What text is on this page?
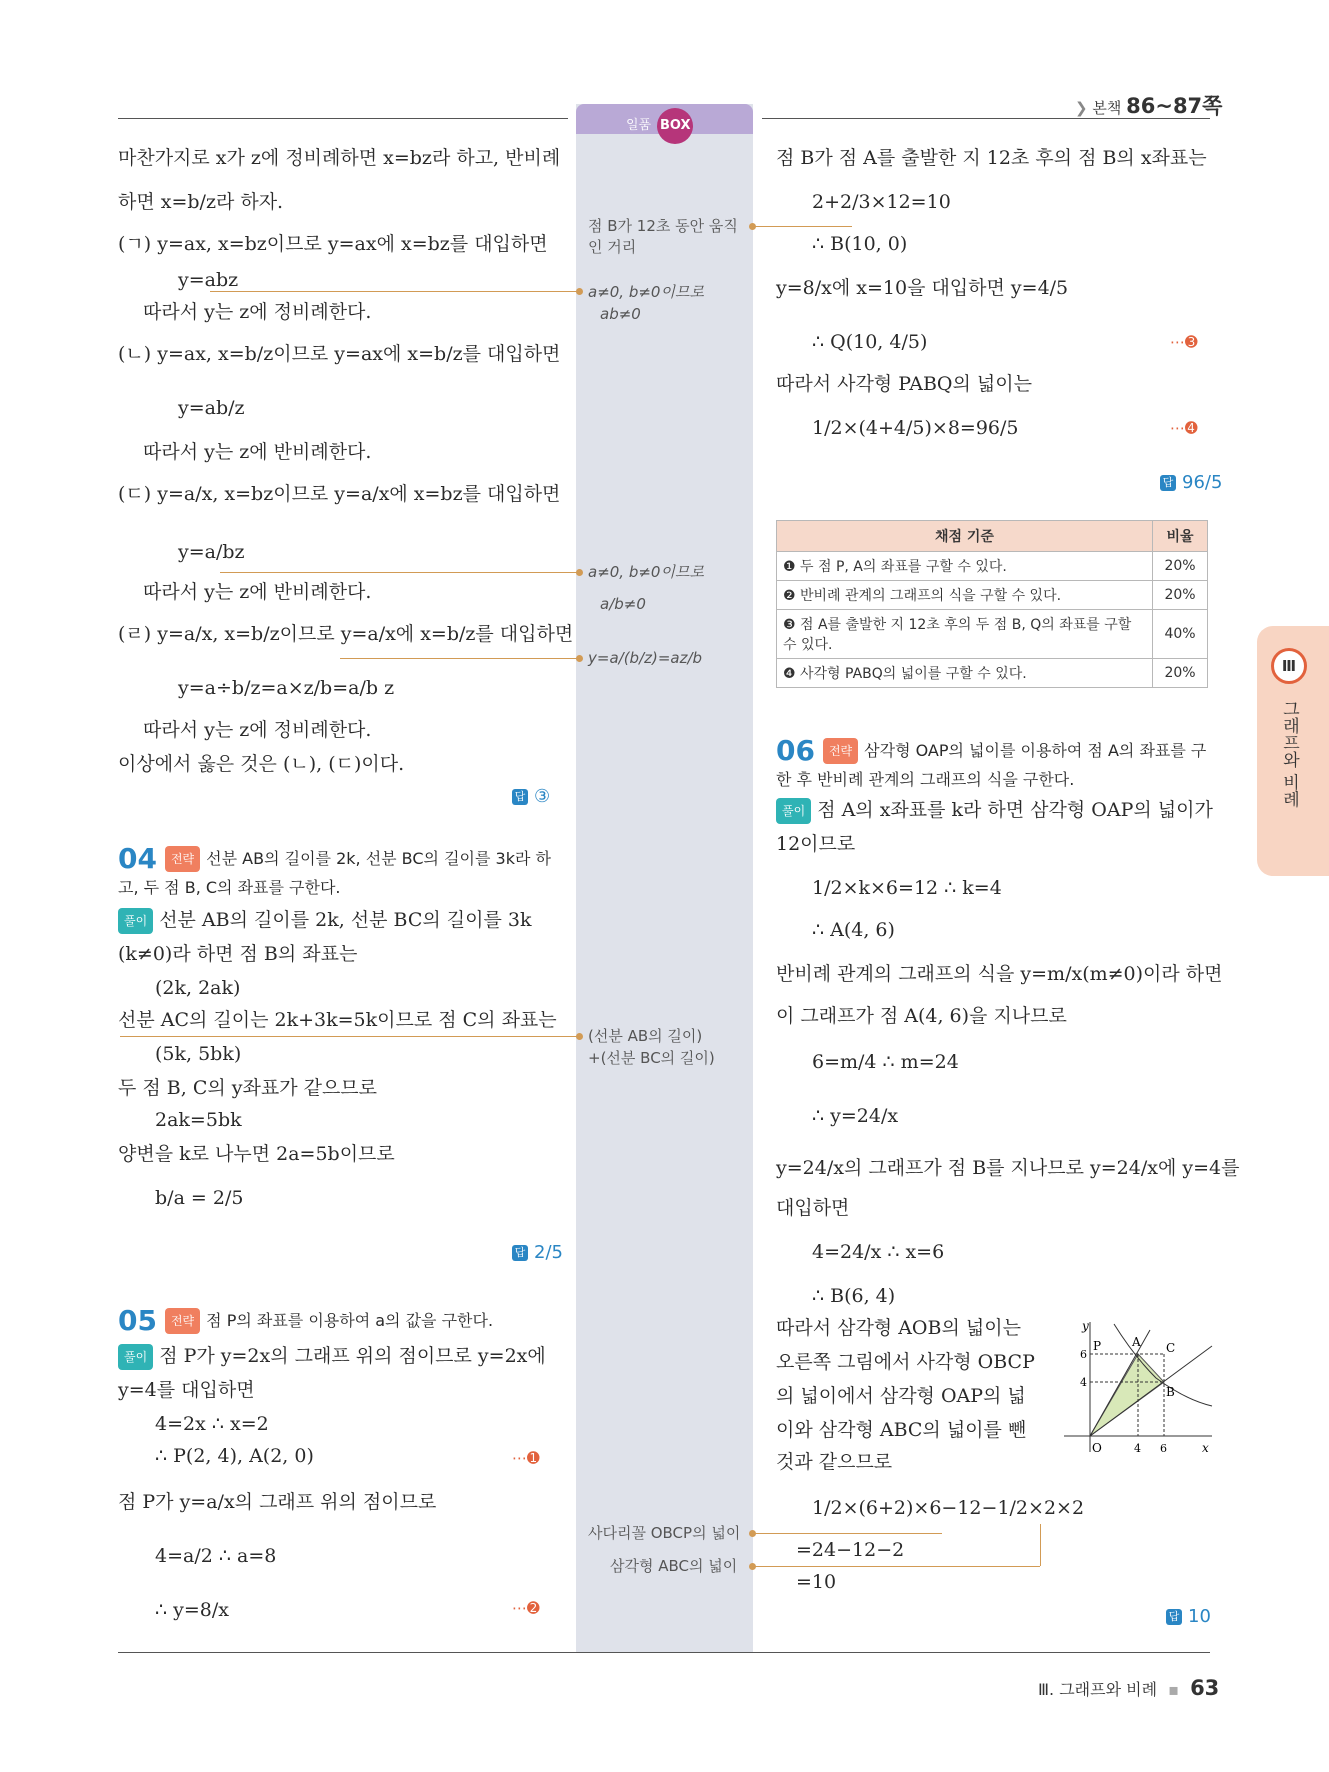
❯ 본책 86~87쪽
일품 BOX
점 B가 12초 동안 움직인 거리
a≠0, b≠0이므로
ab≠0
a≠0, b≠0이므로
a/b≠0
y=a/(b/z)=az/b
(선분 AB의 길이)
+(선분 BC의 길이)
사다리꼴 OBCP의 넓이
삼각형 ABC의 넓이
마찬가지로 x가 z에 정비례하면 x=bz라 하고, 반비례
하면 x=b/z라 하자.
(ㄱ) y=ax, x=bz이므로 y=ax에 x=bz를 대입하면
y=abz
따라서 y는 z에 정비례한다.
(ㄴ) y=ax, x=b/z이므로 y=ax에 x=b/z를 대입하면
y=ab/z
따라서 y는 z에 반비례한다.
(ㄷ) y=a/x, x=bz이므로 y=a/x에 x=bz를 대입하면
y=a/bz
따라서 y는 z에 반비례한다.
(ㄹ) y=a/x, x=b/z이므로 y=a/x에 x=b/z를 대입하면
y=a÷b/z=a×z/b=a/b z
따라서 y는 z에 정비례한다.
이상에서 옳은 것은 (ㄴ), (ㄷ)이다.
답 ③
04 전략 선분 AB의 길이를 2k, 선분 BC의 길이를 3k라 하
고, 두 점 B, C의 좌표를 구한다.
풀이 선분 AB의 길이를 2k, 선분 BC의 길이를 3k
(k≠0)라 하면 점 B의 좌표는
(2k, 2ak)
선분 AC의 길이는 2k+3k=5k이므로 점 C의 좌표는
(5k, 5bk)
두 점 B, C의 y좌표가 같으므로
2ak=5bk
양변을 k로 나누면 2a=5b이므로
b/a = 2/5
답 2/5
05 전략 점 P의 좌표를 이용하여 a의 값을 구한다.
풀이 점 P가 y=2x의 그래프 위의 점이므로 y=2x에
y=4를 대입하면
4=2x ∴ x=2
∴ P(2, 4), A(2, 0)	⋯➊
점 P가 y=a/x의 그래프 위의 점이므로
4=a/2 ∴ a=8
∴ y=8/x	⋯➋
점 B가 점 A를 출발한 지 12초 후의 점 B의 x좌표는
2+2/3×12=10
∴ B(10, 0)
y=8/x에 x=10을 대입하면 y=4/5
∴ Q(10, 4/5)	⋯➌
따라서 사각형 PABQ의 넓이는
1/2×(4+4/5)×8=96/5	⋯➍
답 96/5
채점 기준	비율
❶ 두 점 P, A의 좌표를 구할 수 있다.	20%
❷ 반비례 관계의 그래프의 식을 구할 수 있다.	20%
❸ 점 A를 출발한 지 12초 후의 두 점 B, Q의 좌표를 구할 수 있다.	40%
❹ 사각형 PABQ의 넓이를 구할 수 있다.	20%
06 전략 삼각형 OAP의 넓이를 이용하여 점 A의 좌표를 구
한 후 반비례 관계의 그래프의 식을 구한다.
풀이 점 A의 x좌표를 k라 하면 삼각형 OAP의 넓이가
12이므로
1/2×k×6=12 ∴ k=4
∴ A(4, 6)
반비례 관계의 그래프의 식을 y=m/x(m≠0)이라 하면
이 그래프가 점 A(4, 6)을 지나므로
6=m/4 ∴ m=24
∴ y=24/x
y=24/x의 그래프가 점 B를 지나므로 y=24/x에 y=4를
대입하면
4=24/x ∴ x=6
∴ B(6, 4)
따라서 삼각형 AOB의 넓이는
오른쪽 그림에서 사각형 OBCP
의 넓이에서 삼각형 OAP의 넓
이와 삼각형 ABC의 넓이를 뺀
것과 같으므로
1/2×(6+2)×6−12−1/2×2×2
=24−12−2
=10
답 10
y
x
O
P	A C
B
6
4
4 6
Ⅲ
그래프와 비례
Ⅲ. 그래프와 비례 ▪ 63
